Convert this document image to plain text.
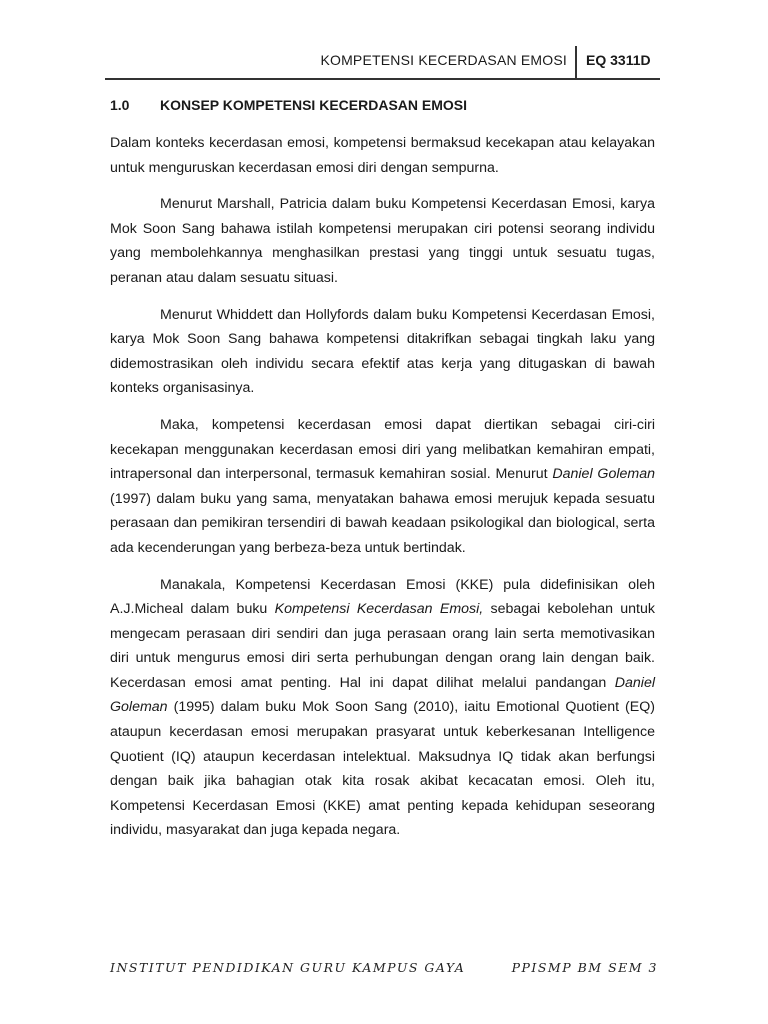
KOMPETENSI KECERDASAN EMOSI EQ 3311D
1.0 KONSEP KOMPETENSI KECERDASAN EMOSI

Dalam konteks kecerdasan emosi, kompetensi bermaksud kecekapan atau kelayakan untuk menguruskan kecerdasan emosi diri dengan sempurna.

Menurut Marshall, Patricia dalam buku Kompetensi Kecerdasan Emosi, karya Mok Soon Sang bahawa istilah kompetensi merupakan ciri potensi seorang individu yang membolehkannya menghasilkan prestasi yang tinggi untuk sesuatu tugas, peranan atau dalam sesuatu situasi.

Menurut Whiddett dan Hollyfords dalam buku Kompetensi Kecerdasan Emosi, karya Mok Soon Sang bahawa kompetensi ditakrifkan sebagai tingkah laku yang didemostrasikan oleh individu secara efektif atas kerja yang ditugaskan di bawah konteks organisasinya.

Maka, kompetensi kecerdasan emosi dapat diertikan sebagai ciri-ciri kecekapan menggunakan kecerdasan emosi diri yang melibatkan kemahiran empati, intrapersonal dan interpersonal, termasuk kemahiran sosial. Menurut Daniel Goleman (1997) dalam buku yang sama, menyatakan bahawa emosi merujuk kepada sesuatu perasaan dan pemikiran tersendiri di bawah keadaan psikologikal dan biological, serta ada kecenderungan yang berbeza-beza untuk bertindak.

Manakala, Kompetensi Kecerdasan Emosi (KKE) pula didefinisikan oleh A.J.Micheal dalam buku Kompetensi Kecerdasan Emosi, sebagai kebolehan untuk mengecam perasaan diri sendiri dan juga perasaan orang lain serta memotivasikan diri untuk mengurus emosi diri serta perhubungan dengan orang lain dengan baik. Kecerdasan emosi amat penting. Hal ini dapat dilihat melalui pandangan Daniel Goleman (1995) dalam buku Mok Soon Sang (2010), iaitu Emotional Quotient (EQ) ataupun kecerdasan emosi merupakan prasyarat untuk keberkesanan Intelligence Quotient (IQ) ataupun kecerdasan intelektual. Maksudnya IQ tidak akan berfungsi dengan baik jika bahagian otak kita rosak akibat kecacatan emosi. Oleh itu, Kompetensi Kecerdasan Emosi (KKE) amat penting kepada kehidupan seseorang individu, masyarakat dan juga kepada negara.

INSTITUT PENDIDIKAN GURU KAMPUS GAYA	PPISMP BM SEM 3
